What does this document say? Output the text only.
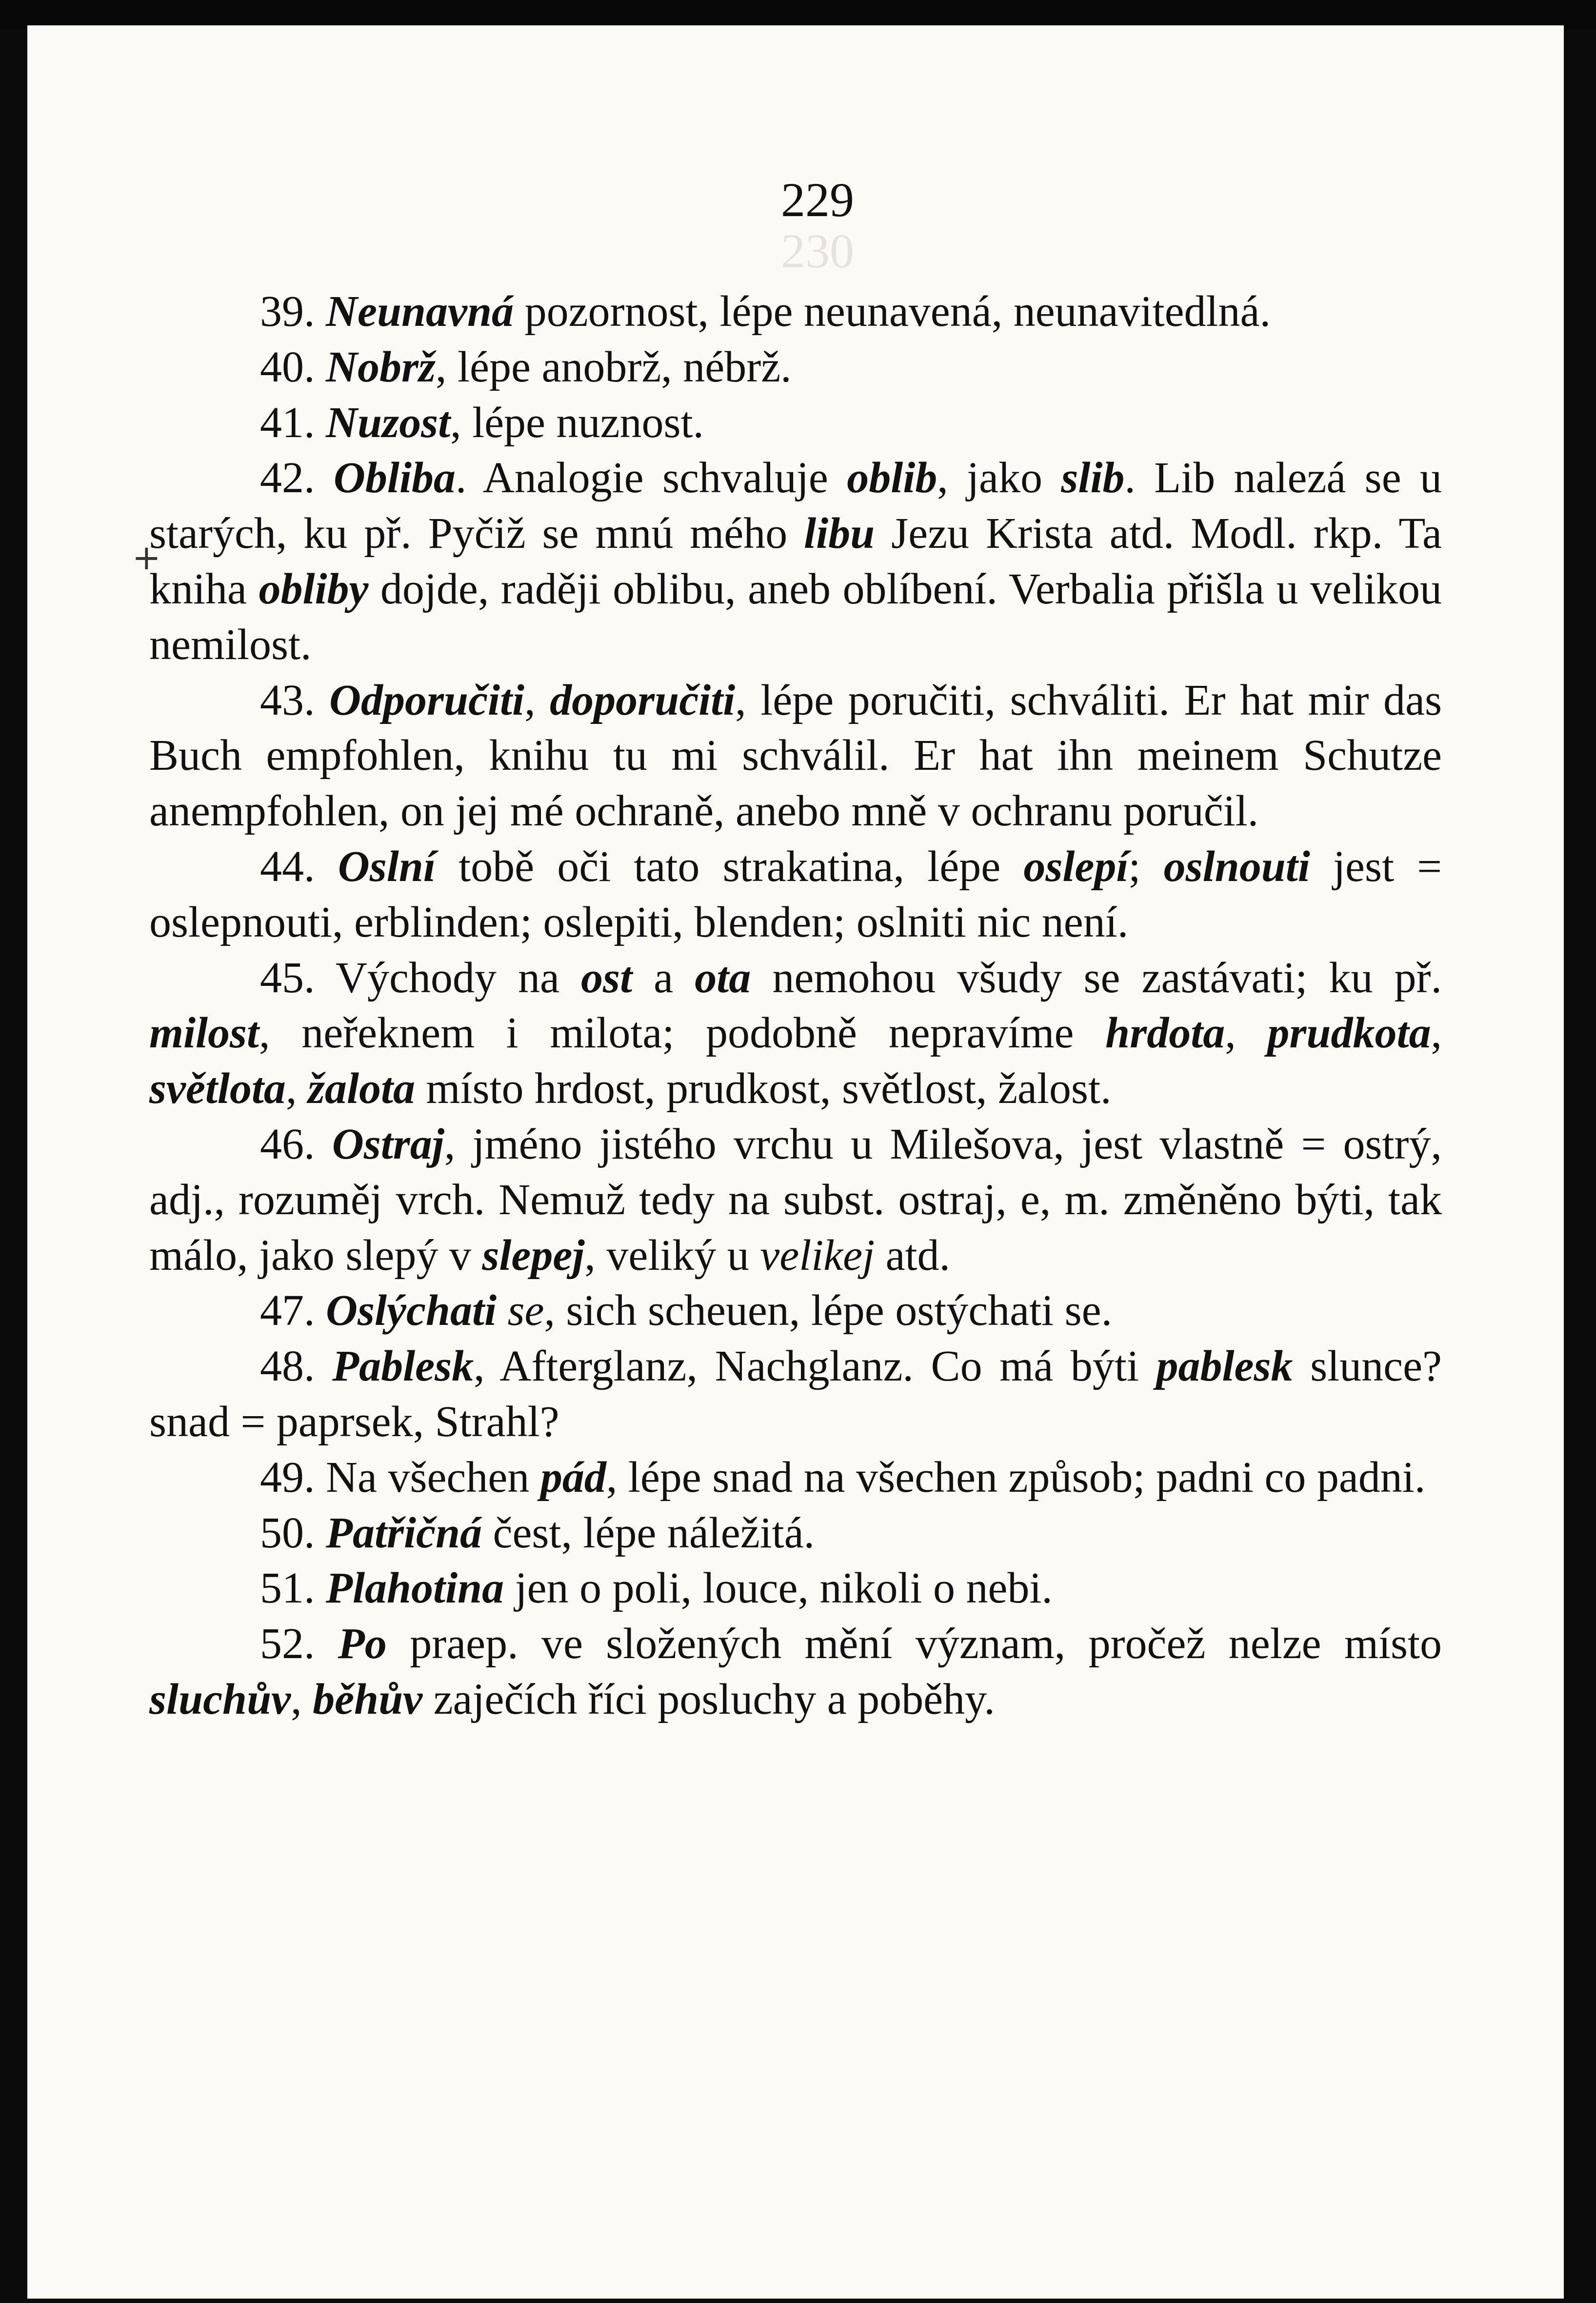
230
229
+

39. Neunavná pozornost, lépe neunavená, neunavitedlná.

40. Nobrž, lépe anobrž, nébrž.

41. Nuzost, lépe nuznost.

42. Obliba. Analogie schvaluje oblib, jako slib. Lib nalezá se u starých, ku př. Pyčiž se mnú mého libu Jezu Krista atd. Modl. rkp. Ta kniha obliby dojde, raději oblibu, aneb oblíbení. Verbalia přišla u velikou nemilost.

43. Odporučiti, doporučiti, lépe poručiti, schváliti. Er hat mir das Buch empfohlen, knihu tu mi schválil. Er hat ihn meinem Schutze anempfohlen, on jej mé ochraně, anebo mně v ochranu poručil.

44. Oslní tobě oči tato strakatina, lépe oslepí; oslnouti jest = oslepnouti, erblinden; oslepiti, blenden; oslniti nic není.

45. Východy na ost a ota nemohou všudy se zastávati; ku př. milost, neřeknem i milota; podobně nepravíme hrdota, prudkota, světlota, žalota místo hrdost, prudkost, světlost, žalost.

46. Ostraj, jméno jistého vrchu u Milešova, jest vlastně = ostrý, adj., rozuměj vrch. Nemuž tedy na subst. ostraj, e, m. změněno býti, tak málo, jako slepý v slepej, veliký u velikej atd.

47. Oslýchati se, sich scheuen, lépe ostýchati se.

48. Pablesk, Afterglanz, Nachglanz. Co má býti pablesk slunce? snad = paprsek, Strahl?

49. Na všechen pád, lépe snad na všechen způsob; padni co padni.

50. Patřičná čest, lépe náležitá.

51. Plahotina jen o poli, louce, nikoli o nebi.

52. Po praep. ve složených mění význam, pročež nelze místo sluchův, běhův zaječích říci posluchy a poběhy.
